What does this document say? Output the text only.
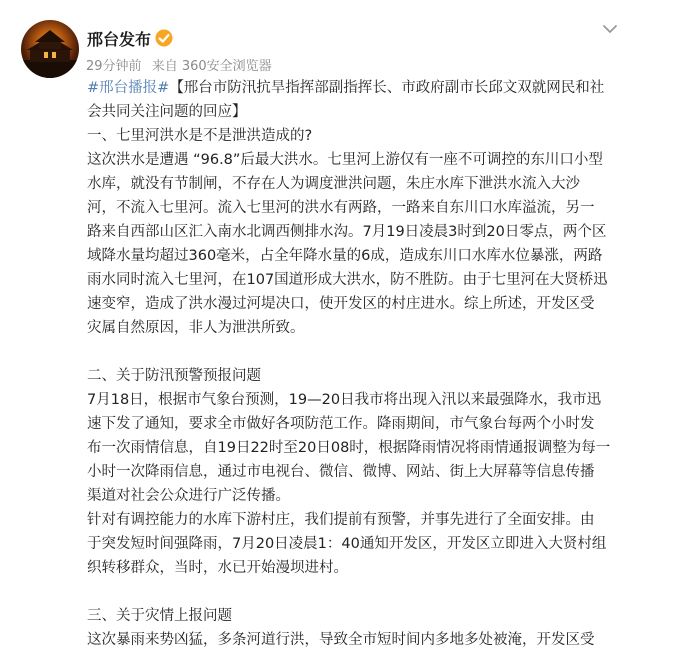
邢台发布
29分钟前 来自 360安全浏览器

#邢台播报#【邢台市防汛抗旱指挥部副指挥长、市政府副市长邱文双就网民和社

会共同关注问题的回应】

一、七里河洪水是不是泄洪造成的?

这次洪水是遭遇 “96.8”后最大洪水。七里河上游仅有一座不可调控的东川口小型

水库，就没有节制闸，不存在人为调度泄洪问题，朱庄水库下泄洪水流入大沙

河，不流入七里河。流入七里河的洪水有两路，一路来自东川口水库溢流，另一

路来自西部山区汇入南水北调西侧排水沟。7月19日凌晨3时到20日零点，两个区

域降水量均超过360毫米，占全年降水量的6成，造成东川口水库水位暴涨，两路

雨水同时流入七里河，在107国道形成大洪水，防不胜防。由于七里河在大贤桥迅

速变窄，造成了洪水漫过河堤决口，使开发区的村庄进水。综上所述，开发区受

灾属自然原因，非人为泄洪所致。

二、关于防汛预警预报问题

7月18日，根据市气象台预测，19—20日我市将出现入汛以来最强降水，我市迅

速下发了通知，要求全市做好各项防范工作。降雨期间，市气象台每两个小时发

布一次雨情信息，自19日22时至20日08时，根据降雨情况将雨情通报调整为每一

小时一次降雨信息，通过市电视台、微信、微博、网站、街上大屏幕等信息传播

渠道对社会公众进行广泛传播。

针对有调控能力的水库下游村庄，我们提前有预警，并事先进行了全面安排。由

于突发短时间强降雨，7月20日凌晨1：40通知开发区，开发区立即进入大贤村组

织转移群众，当时，水已开始漫坝进村。

三、关于灾情上报问题

这次暴雨来势凶猛，多条河道行洪，导致全市短时间内多地多处被淹，开发区受
